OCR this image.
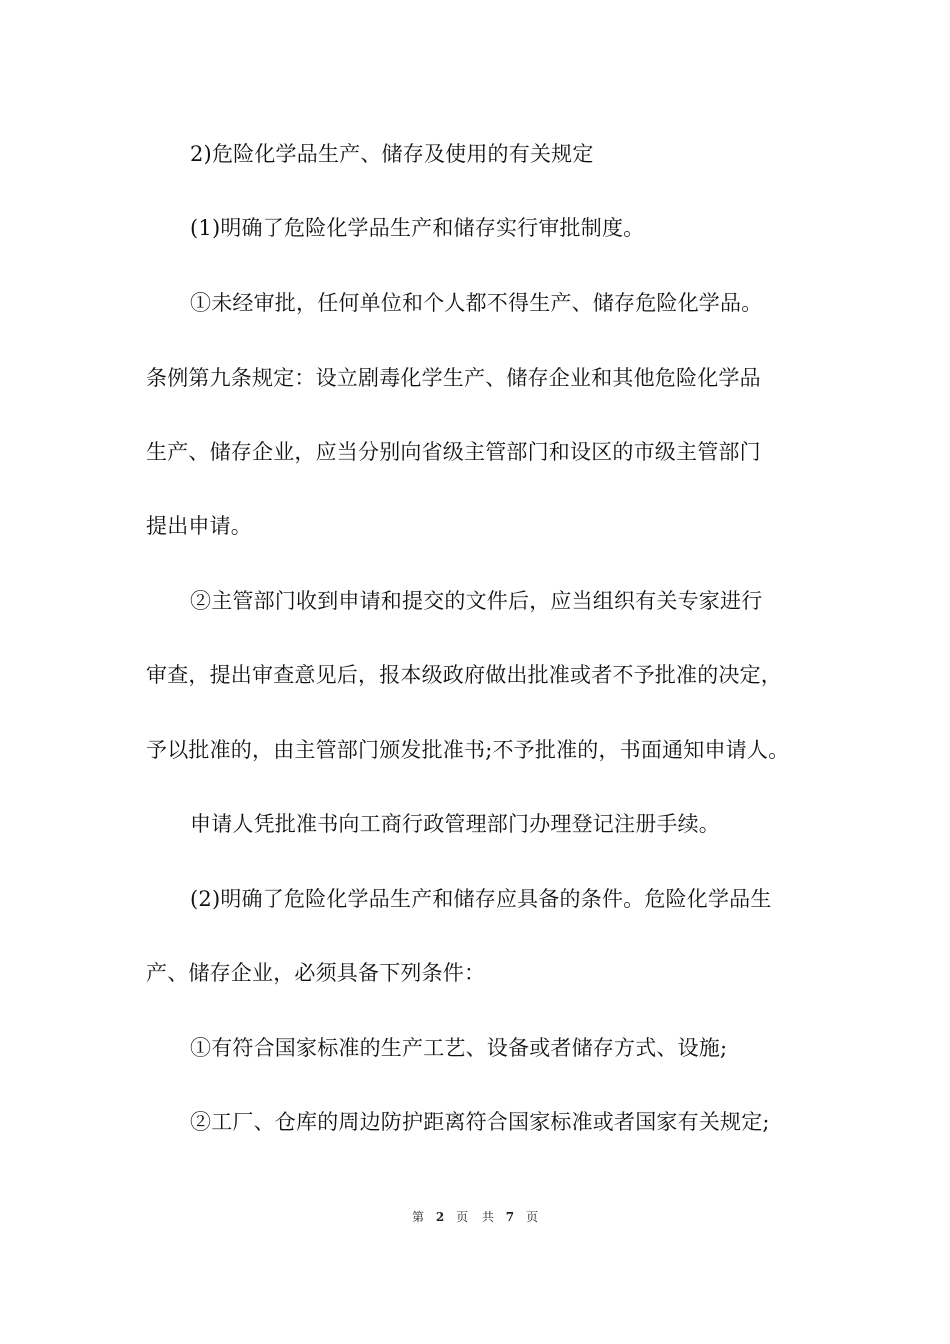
2)危险化学品生产、储存及使用的有关规定
(1)明确了危险化学品生产和储存实行审批制度。
①未经审批，任何单位和个人都不得生产、储存危险化学品。
条例第九条规定：设立剧毒化学生产、储存企业和其他危险化学品
生产、储存企业，应当分别向省级主管部门和设区的市级主管部门
提出申请。
②主管部门收到申请和提交的文件后，应当组织有关专家进行
审查，提出审查意见后，报本级政府做出批准或者不予批准的决定，
予以批准的，由主管部门颁发批准书;不予批准的，书面通知申请人。
申请人凭批准书向工商行政管理部门办理登记注册手续。
(2)明确了危险化学品生产和储存应具备的条件。危险化学品生
产、储存企业，必须具备下列条件：
①有符合国家标准的生产工艺、设备或者储存方式、设施;
②工厂、仓库的周边防护距离符合国家标准或者国家有关规定;
第 2 页 共 7 页
